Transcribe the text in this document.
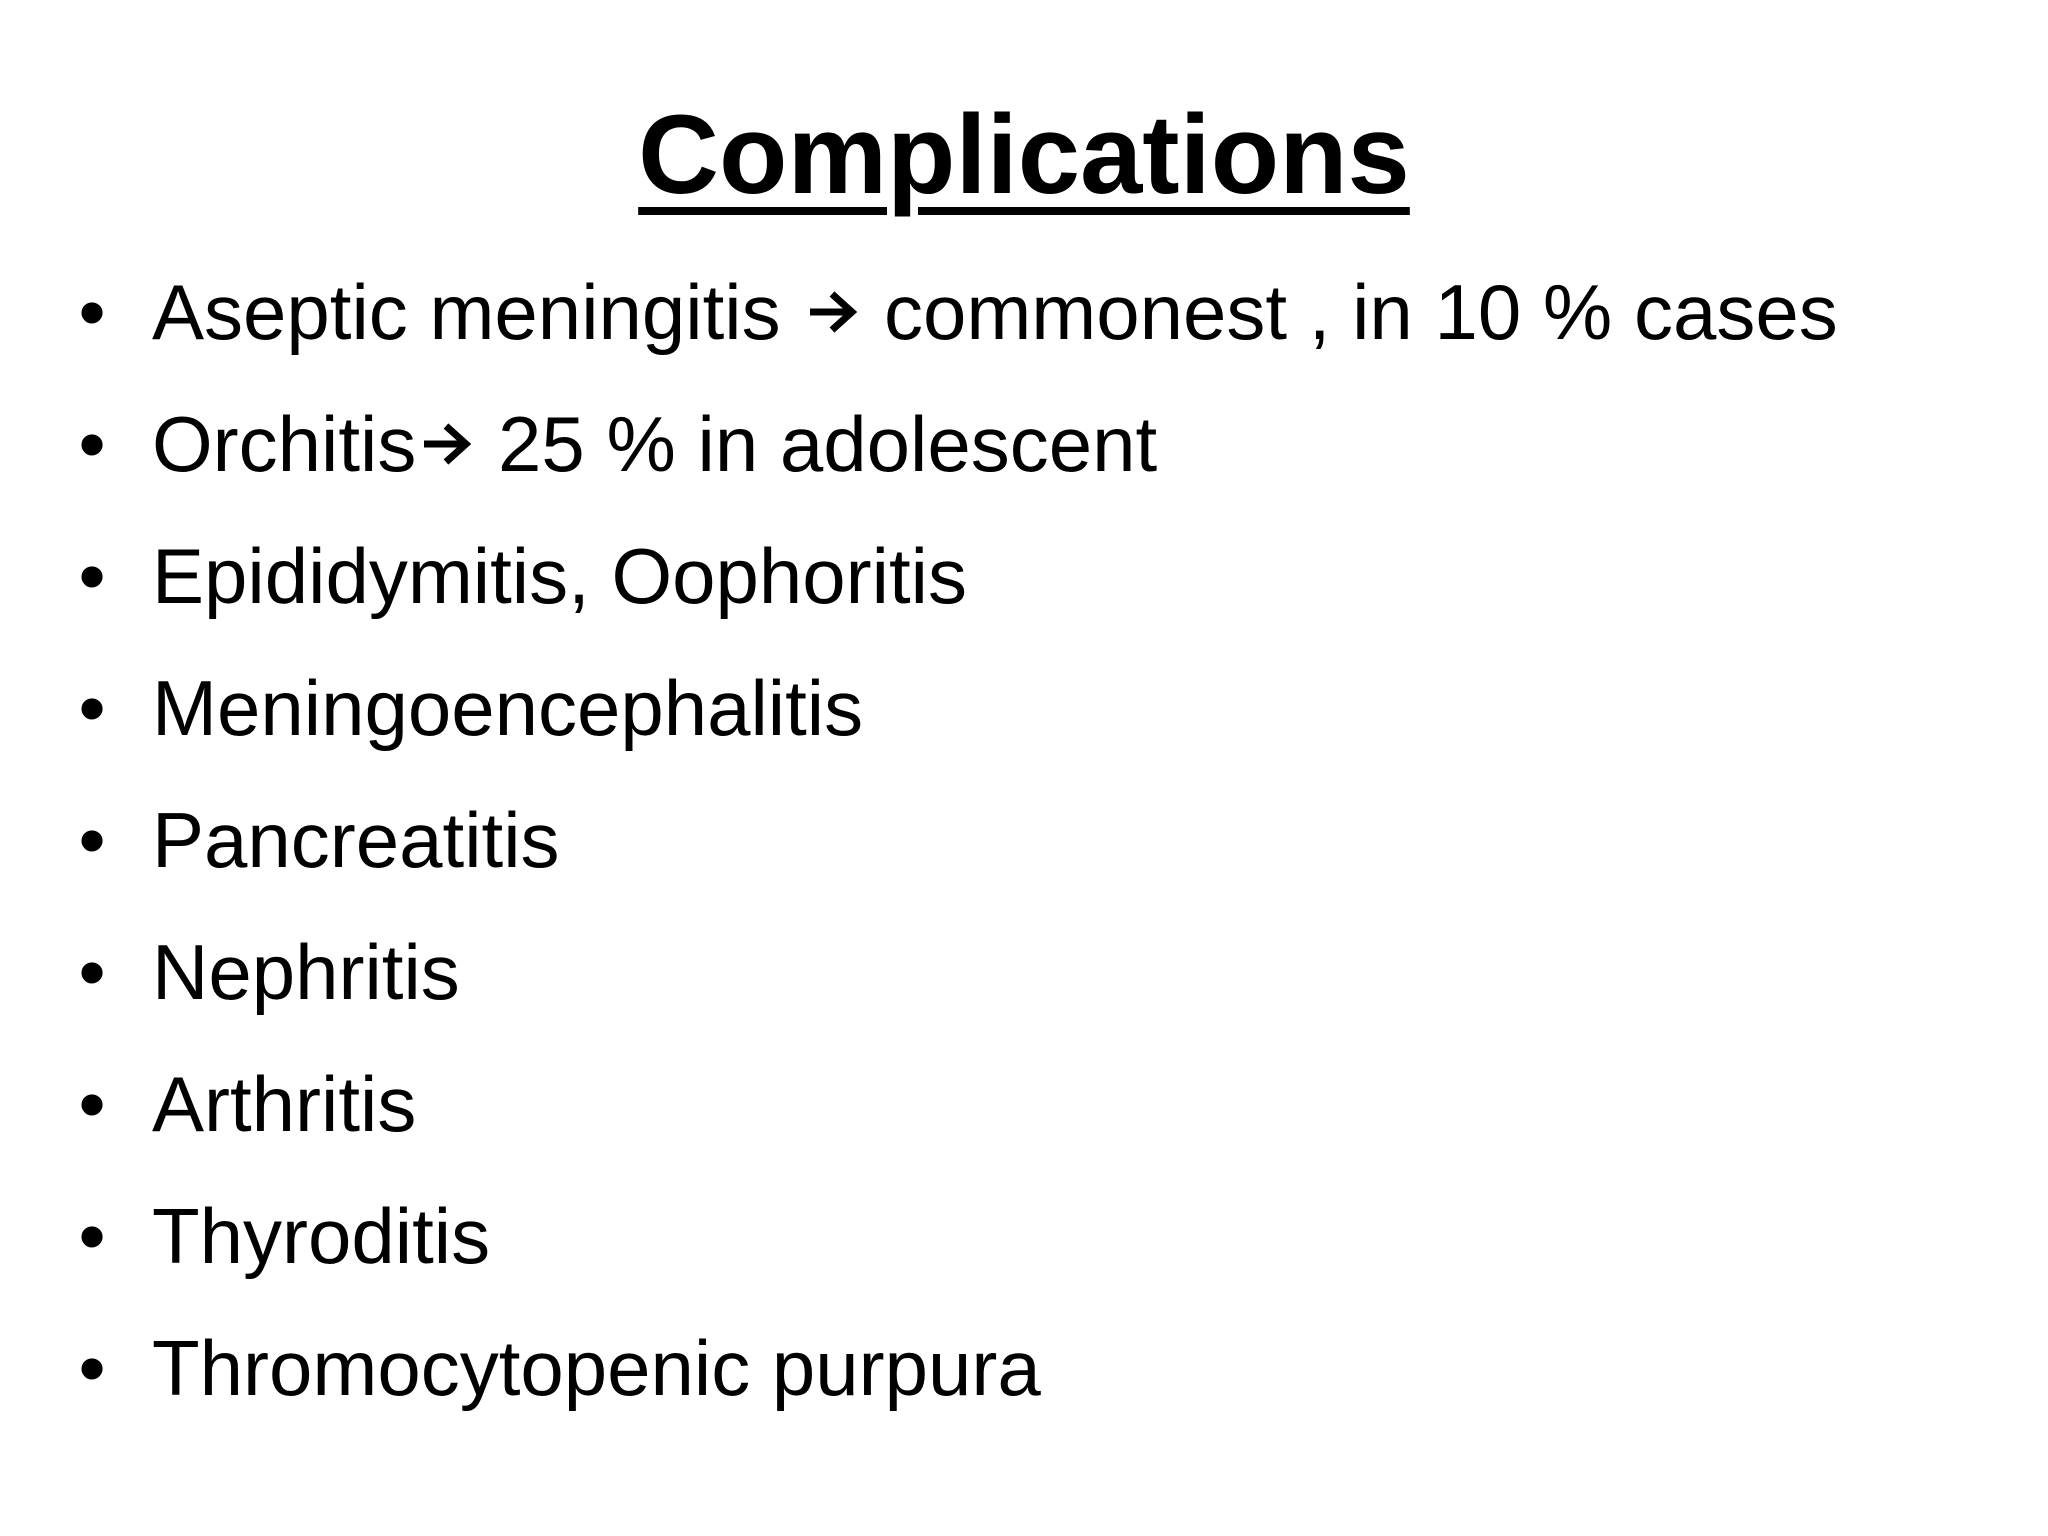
Complications
• Aseptic meningitis  commonest , in 10 % cases
• Orchitis 25 % in adolescent
• Epididymitis, Oophoritis
• Meningoencephalitis
• Pancreatitis
• Nephritis
• Arthritis
• Thyroditis
• Thromocytopenic purpura
